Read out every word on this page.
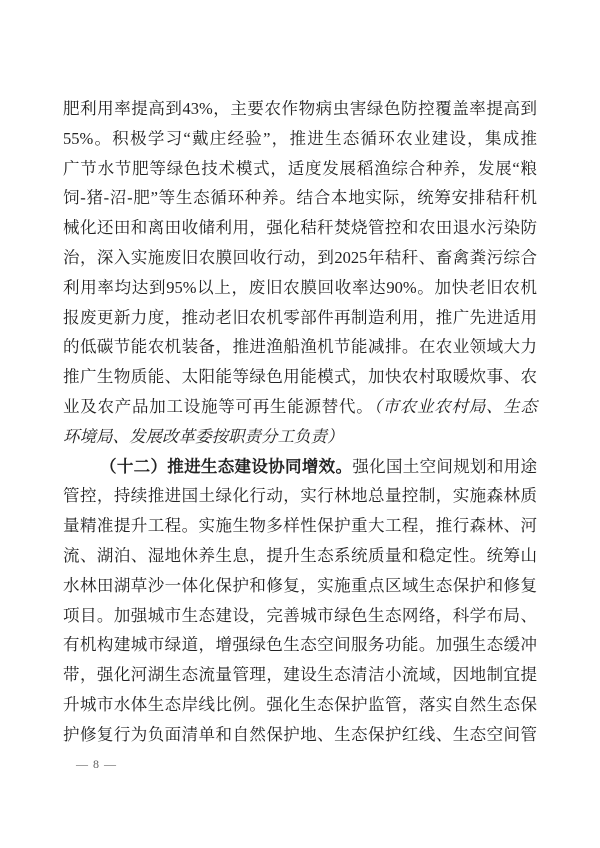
肥利用率提高到43%，主要农作物病虫害绿色防控覆盖率提高到
55%。积极学习“戴庄经验”，推进生态循环农业建设，集成推
广节水节肥等绿色技术模式，适度发展稻渔综合种养，发展“粮
饲-猪-沼-肥”等生态循环种养。结合本地实际，统筹安排秸秆机
械化还田和离田收储利用，强化秸秆焚烧管控和农田退水污染防
治，深入实施废旧农膜回收行动，到2025年秸秆、畜禽粪污综合
利用率均达到95%以上，废旧农膜回收率达90%。加快老旧农机
报废更新力度，推动老旧农机零部件再制造利用，推广先进适用
的低碳节能农机装备，推进渔船渔机节能减排。在农业领域大力
推广生物质能、太阳能等绿色用能模式，加快农村取暖炊事、农
业及农产品加工设施等可再生能源替代。（市农业农村局、生态
环境局、发展改革委按职责分工负责）
（十二）推进生态建设协同增效。强化国土空间规划和用途
管控，持续推进国土绿化行动，实行林地总量控制，实施森林质
量精准提升工程。实施生物多样性保护重大工程，推行森林、河
流、湖泊、湿地休养生息，提升生态系统质量和稳定性。统筹山
水林田湖草沙一体化保护和修复，实施重点区域生态保护和修复
项目。加强城市生态建设，完善城市绿色生态网络，科学布局、
有机构建城市绿道，增强绿色生态空间服务功能。加强生态缓冲
带，强化河湖生态流量管理，建设生态清洁小流域，因地制宜提
升城市水体生态岸线比例。强化生态保护监管，落实自然生态保
护修复行为负面清单和自然保护地、生态保护红线、生态空间管
— 8 —
